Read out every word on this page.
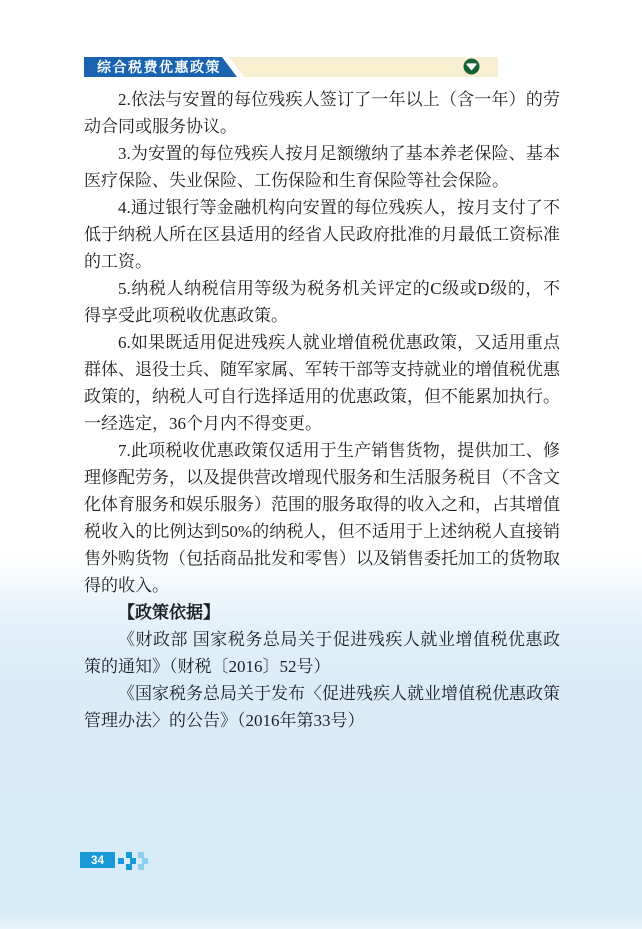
综合税费优惠政策

2.依法与安置的每位残疾人签订了一年以上（含一年）的劳动合同或服务协议。

3.为安置的每位残疾人按月足额缴纳了基本养老保险、基本医疗保险、失业保险、工伤保险和生育保险等社会保险。

4.通过银行等金融机构向安置的每位残疾人，按月支付了不低于纳税人所在区县适用的经省人民政府批准的月最低工资标准的工资。

5.纳税人纳税信用等级为税务机关评定的C级或D级的，不得享受此项税收优惠政策。

6.如果既适用促进残疾人就业增值税优惠政策，又适用重点群体、退役士兵、随军家属、军转干部等支持就业的增值税优惠政策的，纳税人可自行选择适用的优惠政策，但不能累加执行。一经选定，36个月内不得变更。

7.此项税收优惠政策仅适用于生产销售货物，提供加工、修理修配劳务，以及提供营改增现代服务和生活服务税目（不含文化体育服务和娱乐服务）范围的服务取得的收入之和，占其增值税收入的比例达到50%的纳税人，但不适用于上述纳税人直接销售外购货物（包括商品批发和零售）以及销售委托加工的货物取得的收入。

【政策依据】

《财政部 国家税务总局关于促进残疾人就业增值税优惠政策的通知》（财税〔2016〕52号）

《国家税务总局关于发布〈促进残疾人就业增值税优惠政策管理办法〉的公告》（2016年第33号）

34
